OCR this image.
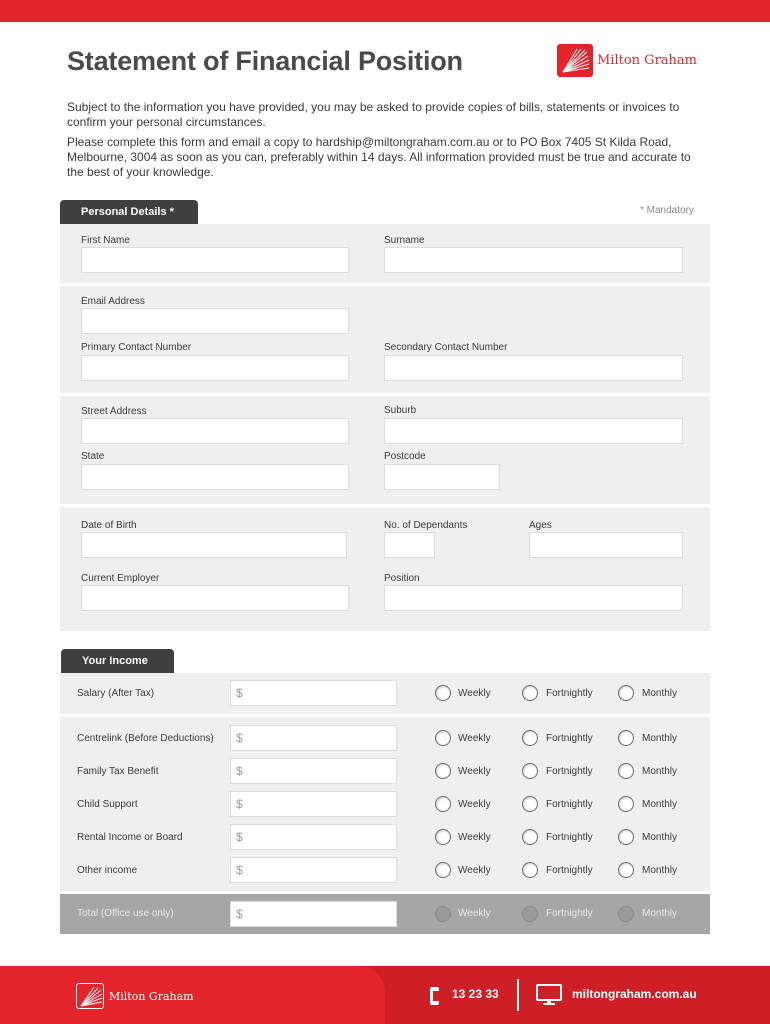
Statement of Financial Position	Milton Graham

Subject to the information you have provided, you may be asked to provide copies of bills, statements or invoices to confirm your personal circumstances.

Please complete this form and email a copy to hardship@miltongraham.com.au or to PO Box 7405 St Kilda Road, Melbourne, 3004 as soon as you can, preferably within 14 days. All information provided must be true and accurate to the best of your knowledge.

Personal Details *	* Mandatory
First Name	Surname
Email Address
Primary Contact Number	Secondary Contact Number
Street Address	Suburb
State	Postcode
Date of Birth	No. of Dependants	Ages
Current Employer	Position
Your Income
Salary (After Tax)	$	Weekly	Fortnightly	Monthly
Centrelink (Before Deductions) $	Weekly	Fortnightly	Monthly
Family Tax Benefit	$	Weekly	Fortnightly	Monthly
Child Support	$	Weekly	Fortnightly	Monthly
Rental Income or Board	$	Weekly	Fortnightly	Monthly
Other income	$	Weekly	Fortnightly	Monthly
Total (Office use only)	$	Weekly	Fortnightly	Monthly
Milton Graham	13 23 33	miltongraham.com.au
